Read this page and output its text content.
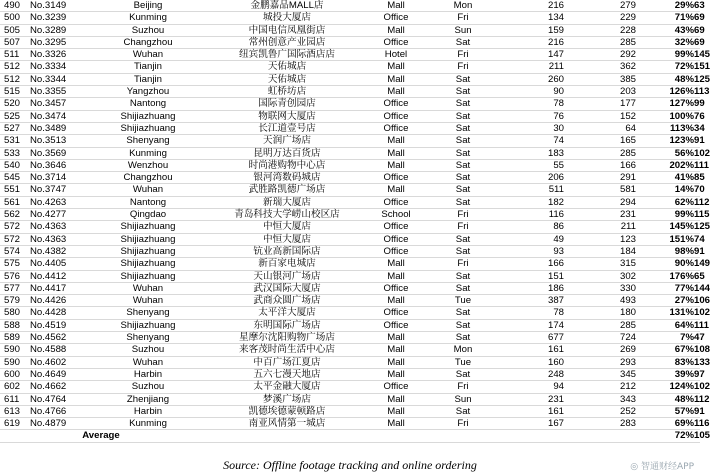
490	No.3149	Beijing	金鹏嘉品MALL店	Mall	Mon	216	279	29%	63
500	No.3239	Kunming	城投大厦店	Office	Fri	134	229	71%	69
505	No.3289	Suzhou	中国电信凤凰街店	Mall	Sun	159	228	43%	69
507	No.3295	Changzhou	常州创意产业园店	Office	Sat	216	285	32%	69
511	No.3326	Wuhan	纽宾凯鲁广国际酒店店	Hotel	Fri	147	292	99%	145
512	No.3334	Tianjin	天佑城店	Mall	Fri	211	362	72%	151
512	No.3344	Tianjin	天佑城店	Mall	Sat	260	385	48%	125
515	No.3355	Yangzhou	虹桥坊店	Mall	Sat	90	203	126%	113
520	No.3457	Nantong	国际青创园店	Office	Sat	78	177	127%	99
525	No.3474	Shijiazhuang	物联网大厦店	Office	Sat	76	152	100%	76
527	No.3489	Shijiazhuang	长江道壹号店	Office	Sat	30	64	113%	34
531	No.3513	Shenyang	天润广场店	Mall	Sat	74	165	123%	91
533	No.3569	Kunming	昆明万达百货店	Mall	Sat	183	285	56%	102
540	No.3646	Wenzhou	时尚港购物中心店	Mall	Sat	55	166	202%	111
545	No.3714	Changzhou	银河湾数码城店	Office	Sat	206	291	41%	85
551	No.3747	Wuhan	武胜路凯德广场店	Mall	Sat	511	581	14%	70
561	No.4263	Nantong	新瑞大厦店	Office	Sat	182	294	62%	112
562	No.4277	Qingdao	青岛科技大学崂山校区店	School	Fri	116	231	99%	115
572	No.4363	Shijiazhuang	中恒大厦店	Office	Fri	86	211	145%	125
572	No.4363	Shijiazhuang	中恒大厦店	Office	Sat	49	123	151%	74
574	No.4382	Shijiazhuang	钪业高新国际店	Office	Sat	93	184	98%	91
575	No.4405	Shijiazhuang	新百家电城店	Mall	Fri	166	315	90%	149
576	No.4412	Shijiazhuang	天山银河广场店	Mall	Sat	151	302	176%	65
577	No.4417	Wuhan	武汉国际大厦店	Office	Sat	186	330	77%	144
579	No.4426	Wuhan	武商众圆广场店	Mall	Tue	387	493	27%	106
580	No.4428	Shenyang	太平洋大厦店	Office	Sat	78	180	131%	102
588	No.4519	Shijiazhuang	东明国际广场店	Office	Sat	174	285	64%	111
589	No.4562	Shenyang	星摩尔沈阳购物广场店	Mall	Sat	677	724	7%	47
590	No.4588	Suzhou	来客茂时尚生活中心店	Mall	Mon	161	269	67%	108
590	No.4602	Wuhan	中百广场江夏店	Mall	Tue	160	293	83%	133
600	No.4649	Harbin	五六七漫天地店	Mall	Sat	248	345	39%	97
602	No.4662	Suzhou	太平金融大厦店	Office	Fri	94	212	124%	102
611	No.4764	Zhenjiang	梦溪广场店	Mall	Sun	231	343	48%	112
613	No.4766	Harbin	凯德埃德蒙顿路店	Mall	Sat	161	252	57%	91
619	No.4879	Kunming	南亚风情第一城店	Mall	Fri	167	283	69%	116
Average								72%	105
Source: Offline footage tracking and online ordering	◎ 智通财经APP
